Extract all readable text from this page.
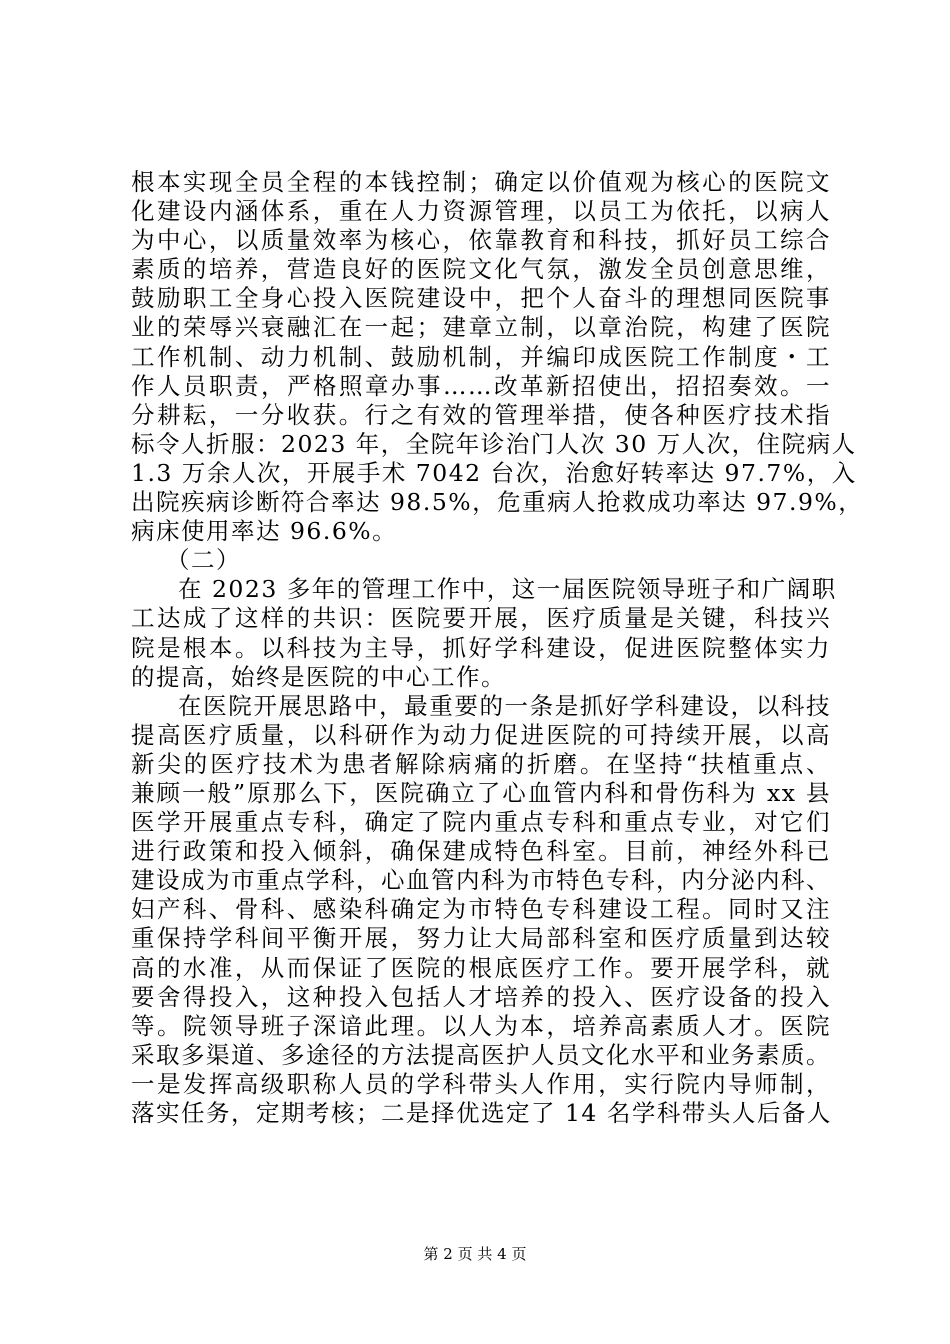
根本实现全员全程的本钱控制；确定以价值观为核心的医院文
化建设内涵体系，重在人力资源管理，以员工为依托，以病人
为中心，以质量效率为核心，依靠教育和科技，抓好员工综合
素质的培养，营造良好的医院文化气氛，激发全员创意思维，
鼓励职工全身心投入医院建设中，把个人奋斗的理想同医院事
业的荣辱兴衰融汇在一起；建章立制，以章治院，构建了医院
工作机制、动力机制、鼓励机制，并编印成医院工作制度・工
作人员职责，严格照章办事……改革新招使出，招招奏效。一
分耕耘，一分收获。行之有效的管理举措，使各种医疗技术指
标令人折服：2023 年，全院年诊治门人次 30 万人次，住院病人
1.3 万余人次，开展手术 7042 台次，治愈好转率达 97.7%，入
出院疾病诊断符合率达 98.5%，危重病人抢救成功率达 97.9%，
病床使用率达 96.6%。
（二）
在 2023 多年的管理工作中，这一届医院领导班子和广阔职
工达成了这样的共识：医院要开展，医疗质量是关键，科技兴
院是根本。以科技为主导，抓好学科建设，促进医院整体实力
的提高，始终是医院的中心工作。
在医院开展思路中，最重要的一条是抓好学科建设，以科技
提高医疗质量，以科研作为动力促进医院的可持续开展，以高
新尖的医疗技术为患者解除病痛的折磨。在坚持“扶植重点、
兼顾一般”原那么下，医院确立了心血管内科和骨伤科为 xx 县
医学开展重点专科，确定了院内重点专科和重点专业，对它们
进行政策和投入倾斜，确保建成特色科室。目前，神经外科已
建设成为市重点学科，心血管内科为市特色专科，内分泌内科、
妇产科、骨科、感染科确定为市特色专科建设工程。同时又注
重保持学科间平衡开展，努力让大局部科室和医疗质量到达较
高的水准，从而保证了医院的根底医疗工作。要开展学科，就
要舍得投入，这种投入包括人才培养的投入、医疗设备的投入
等。院领导班子深谙此理。以人为本，培养高素质人才。医院
采取多渠道、多途径的方法提高医护人员文化水平和业务素质。
一是发挥高级职称人员的学科带头人作用，实行院内导师制，
落实任务，定期考核；二是择优选定了 14 名学科带头人后备人
第 2 页 共 4 页
